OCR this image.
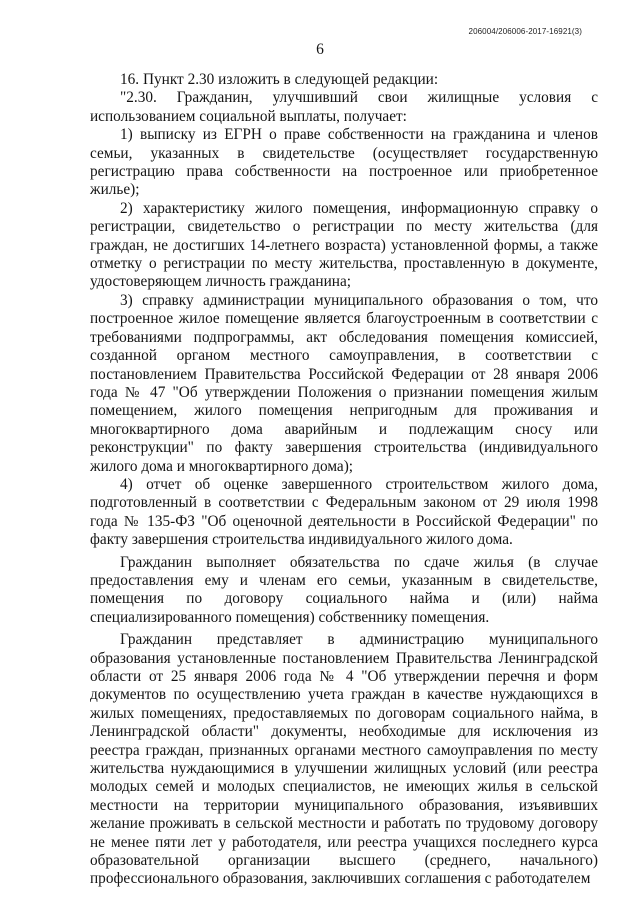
206004/206006-2017-16921(3)
6

16. Пункт 2.30 изложить в следующей редакции:

"2.30. Гражданин, улучшивший свои жилищные условия с использованием социальной выплаты, получает:

1) выписку из ЕГРН о праве собственности на гражданина и членов семьи, указанных в свидетельстве (осуществляет государственную регистрацию права собственности на построенное или приобретенное жилье);

2) характеристику жилого помещения, информационную справку о регистрации, свидетельство о регистрации по месту жительства (для граждан, не достигших 14-летнего возраста) установленной формы, а также отметку о регистрации по месту жительства, проставленную в документе, удостоверяющем личность гражданина;

3) справку администрации муниципального образования о том, что построенное жилое помещение является благоустроенным в соответствии с требованиями подпрограммы, акт обследования помещения комиссией, созданной органом местного самоуправления, в соответствии с постановлением Правительства Российской Федерации от 28 января 2006 года № 47 "Об утверждении Положения о признании помещения жилым помещением, жилого помещения непригодным для проживания и многоквартирного дома аварийным и подлежащим сносу или реконструкции" по факту завершения строительства (индивидуального жилого дома и многоквартирного дома);

4) отчет об оценке завершенного строительством жилого дома, подготовленный в соответствии с Федеральным законом от 29 июля 1998 года № 135-ФЗ "Об оценочной деятельности в Российской Федерации" по факту завершения строительства индивидуального жилого дома.

Гражданин выполняет обязательства по сдаче жилья (в случае предоставления ему и членам его семьи, указанным в свидетельстве, помещения по договору социального найма и (или) найма специализированного помещения) собственнику помещения.

Гражданин представляет в администрацию муниципального образования установленные постановлением Правительства Ленинградской области от 25 января 2006 года № 4 "Об утверждении перечня и форм документов по осуществлению учета граждан в качестве нуждающихся в жилых помещениях, предоставляемых по договорам социального найма, в Ленинградской области" документы, необходимые для исключения из реестра граждан, признанных органами местного самоуправления по месту жительства нуждающимися в улучшении жилищных условий (или реестра молодых семей и молодых специалистов, не имеющих жилья в сельской местности на территории муниципального образования, изъявивших желание проживать в сельской местности и работать по трудовому договору не менее пяти лет у работодателя, или реестра учащихся последнего курса образовательной организации высшего (среднего, начального) профессионального образования, заключивших соглашения с работодателем
